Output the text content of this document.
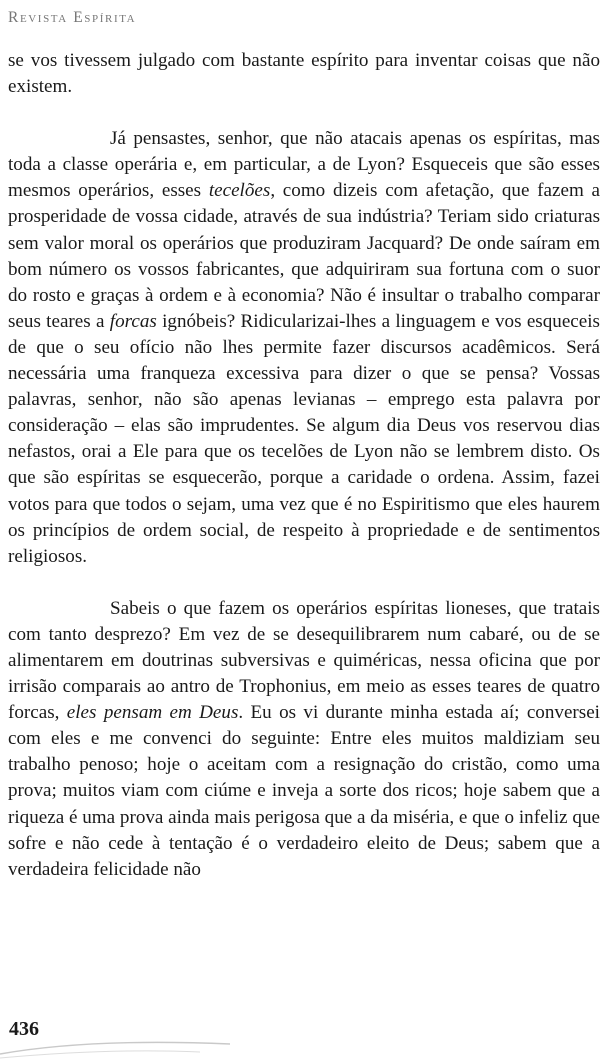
Revista Espírita

se vos tivessem julgado com bastante espírito para inventar coisas que não existem.

Já pensastes, senhor, que não atacais apenas os espíritas, mas toda a classe operária e, em particular, a de Lyon? Esqueceis que são esses mesmos operários, esses tecelões, como dizeis com afetação, que fazem a prosperidade de vossa cidade, através de sua indústria? Teriam sido criaturas sem valor moral os operários que produziram Jacquard? De onde saíram em bom número os vossos fabricantes, que adquiriram sua fortuna com o suor do rosto e graças à ordem e à economia? Não é insultar o trabalho comparar seus teares a forcas ignóbeis? Ridicularizai-lhes a linguagem e vos esqueceis de que o seu ofício não lhes permite fazer discursos acadêmicos. Será necessária uma franqueza excessiva para dizer o que se pensa? Vossas palavras, senhor, não são apenas levianas – emprego esta palavra por consideração – elas são imprudentes. Se algum dia Deus vos reservou dias nefastos, orai a Ele para que os tecelões de Lyon não se lembrem disto. Os que são espíritas se esquecerão, porque a caridade o ordena. Assim, fazei votos para que todos o sejam, uma vez que é no Espiritismo que eles haurem os princípios de ordem social, de respeito à propriedade e de sentimentos religiosos.

Sabeis o que fazem os operários espíritas lioneses, que tratais com tanto desprezo? Em vez de se desequilibrarem num cabaré, ou de se alimentarem em doutrinas subversivas e quiméricas, nessa oficina que por irrisão comparais ao antro de Trophonius, em meio as esses teares de quatro forcas, eles pensam em Deus. Eu os vi durante minha estada aí; conversei com eles e me convenci do seguinte: Entre eles muitos maldiziam seu trabalho penoso; hoje o aceitam com a resignação do cristão, como uma prova; muitos viam com ciúme e inveja a sorte dos ricos; hoje sabem que a riqueza é uma prova ainda mais perigosa que a da miséria, e que o infeliz que sofre e não cede à tentação é o verdadeiro eleito de Deus; sabem que a verdadeira felicidade não

436
